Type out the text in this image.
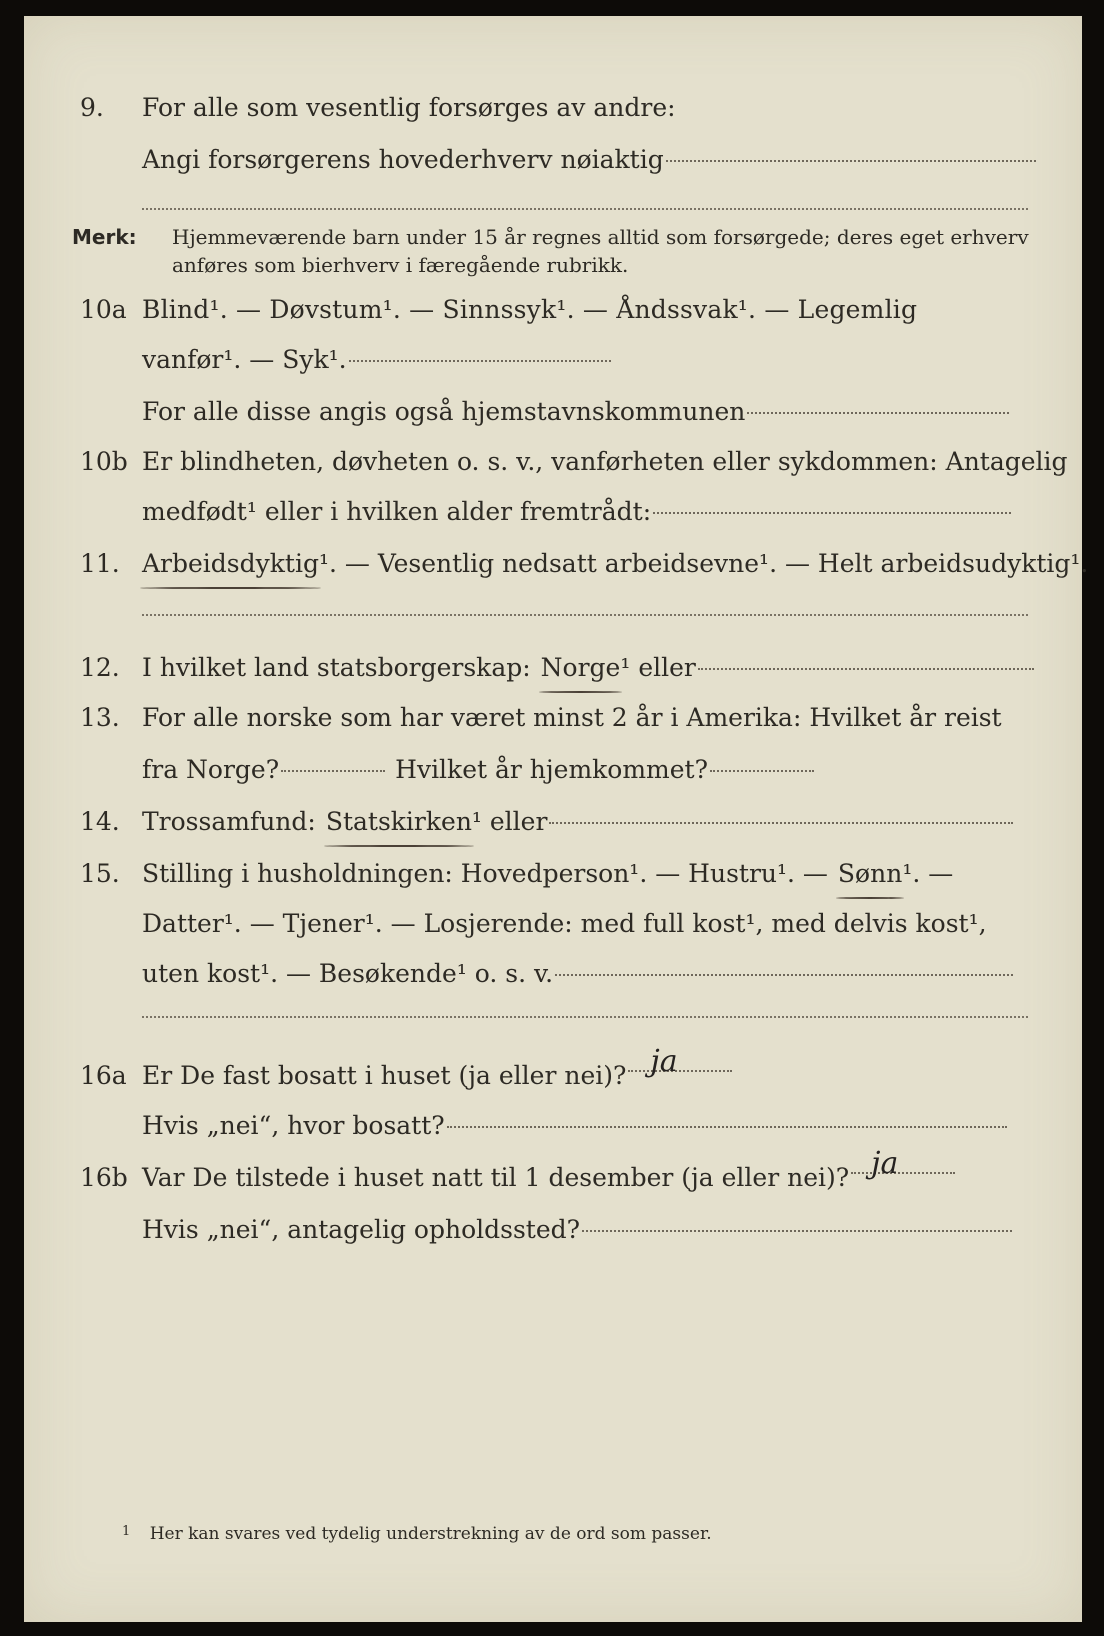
9.	For alle som vesentlig forsørges av andre:
Angi forsørgerens hovederhverv nøiaktig
Merk: Hjemmeværende barn under 15 år regnes alltid som forsørgede; deres eget erhverv
anføres som bierhverv i færegående rubrikk.
10a Blind¹. — Døvstum¹. — Sinnssyk¹. — Åndssvak¹. — Legemlig
vanfør¹. — Syk¹.
For alle disse angis også hjemstavnskommunen
10b Er blindheten, døvheten o. s. v., vanførheten eller sykdommen: Antagelig
medfødt¹ eller i hvilken alder fremtrådt:
11. Arbeidsdyktig ¹. — Vesentlig nedsatt arbeidsevne¹. — Helt arbeidsudyktig¹.
12. I hvilket land statsborgerskap: Norge ¹ eller
13. For alle norske som har været minst 2 år i Amerika: Hvilket år reist
fra Norge?	Hvilket år hjemkommet?
14. Trossamfund: Statskirken ¹ eller
15. Stilling i husholdningen: Hovedperson¹. — Hustru¹. — Sønn ¹. —
Datter¹. — Tjener¹. — Losjerende: med full kost¹, med delvis kost¹,
uten kost¹. — Besøkende¹ o. s. v.
16a Er De fast bosatt i huset (ja eller nei)? ja
Hvis „nei“, hvor bosatt?
16b Var De tilstede i huset natt til 1 desember (ja eller nei)? ja
Hvis „nei“, antagelig opholdssted?
$^1$ Her kan svares ved tydelig understrekning av de ord som passer.
